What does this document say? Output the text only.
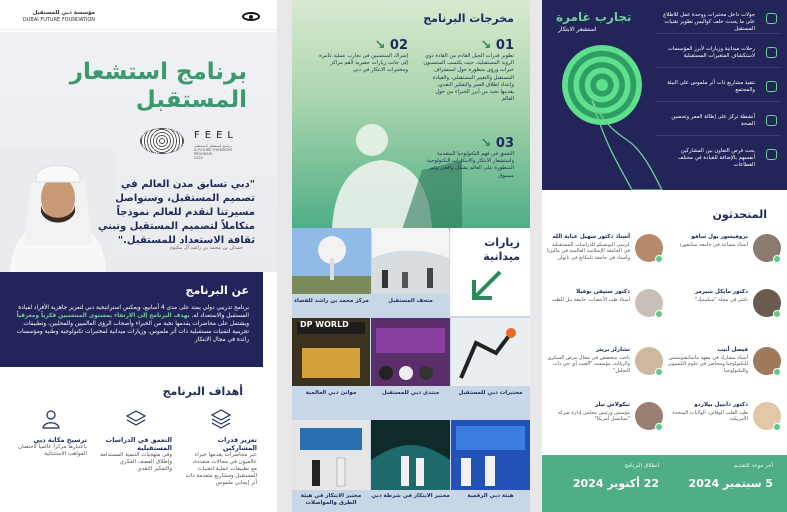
مؤسسة دبي للمستقبل
DUBAI FUTURE FOUNDATION
برنامج استشعار المستقبل
FEEL
برنامج استشعار المستقبل
A FUTURE FORESIGHT PROGRAM
2024
"دبي تسابق مدن العالم في تصميم المستقبل، وسنواصل مسيرتنا لنقدم للعالم نموذجاً متكاملاً لتصميم المستقبل وتبني ثقافة الاستعداد للمستقبل."
حمدان بن محمد بن راشد آل مكتوم
عن البرنامج

برنامج تدريبي دولي يمتد على مدى 4 أسابيع، ويعكس استراتيجية دبي لتعزيز جاهزية الأفراد لقيادة المستقبل والاستعداد له. يهدف البرنامج إلى الارتقاء بمستوى المنتسبين فكرياً ومعرفياً ويشتمل على محاضرات يقدمها نخبة من الخبراء وأصحاب الرؤى العالميين والمحليين، وتطبيقات تجريبية لتقنيات مستقبلية ذات أثر ملموس، وزيارات ميدانية لمختبرات تكنولوجية وطنية ومؤسسات رائدة في مجال الابتكار

أهداف البرنامج
تعزيز قدرات المشاركين

عبر محاضرات يقدمها خبراء عالميون في مجالات متعددة، مع تطبيقات عملية لتقنيات المستقبل ومشاريع متقدمة ذات أثر إيجابي ملموس

التعمق في الدراسات المستقبلية

وفي منهجيات التنمية المستدامة وإطلاق العصف الفكري والتفكير النقدي

ترسيخ مكانة دبي

باعتبارها مركزاً عالمياً لاحتضان المواهب الاستثنائية

مخرجات البرنامج
↘ 01

تطوير قدرات الجيل القادم من القادة ذوي الرؤية المستقبلية، حيث يكتسب المنتسبون خبرات ورؤى متطورة حول استشراف المستقبل والتغيير المستقبلي، والقيادة وإعداد إطلاق العمر والتفكير النقدي، يقدمها نخبة من أبرز الخبراء من حول العالم

↘ 02

إشراك المنتسبين في تجارب عملية غامرة إلى جانب زيارات حصرية لأهم مراكز ومختبرات الابتكار في دبي

↘ 03

التعمق في فهم التكنولوجيا المتقدمة واستشعار الابتكار والابتكارات التكنولوجية المتطورة على العالم بشكل واقعي وغير مسبوق

زيارات ميدانية
مركز محمد بن راشد للفضاء	متحف المستقبل
DP WORLD
موانئ دبي العالمية	منتدى دبي للمستقبل	مختبرات دبي للمستقبل
مختبر الابتكار في هيئة الطرق والمواصلات
مختبر الابتكار في شرطة دبي	هيئة دبي الرقمية
تجارب غامرة
استشعر الابتكار
جولات داخل مختبرات ووحدة عمل للاطلاع على ما يحدث خلف كواليس تطوير تقنيات المستقبل
رحلات ميدانية وزيارات لأبرز المؤسسات لاستكشاف المتغيرات المستقبلية
تنفيذ مشاريع ذات أثر ملموس على البيئة والمجتمع
أنشطة تركز على إطالة العمر وتحسين الصحة
بحث فرص التعاون بين المشاركين أنفسهم بالإضافة للقيادة في مختلف القطاعات
المتحدثون
أستاذ دكتور سهيل عناية الله

كرسي اليونسكو للدراسات المستقبلية في الجامعة الإسلامية العالمية في ماليزيا وأستاذ في جامعة تامكانغ في تايوان

بروفيسور بول سافو

أستاذ مساعد في جامعة ستانفورد

دكتور ستيفن نوفيلا

أستاذ طب الأعصاب، جامعة ييل للطب

دكتور مايكل شيرمر

ناشر في مجلة "سكيبتيك"

تشارلز بريتز

باحث متخصص في مجال مرض السكري والرقاية، مؤسسة "الغيث أي جي ذات التحليل"

فيصل أنيب

أستاذ مشارك في معهد ماساتشوستس للتكنولوجيا ومحاضر في علوم الكمبيوتر والتكنولوجيا

نيكولاس تيلر

مؤسس ورئيس مجلس إدارة شركة "ستانسل أمريكا"

دكتور دانييل بيلاردو

طب القلب الوقائي، الولايات المتحدة الأمريكية

آخر موعد للتقديم
5 سبتمبر 2024
انطلاق البرنامج
22 أكتوبر 2024
